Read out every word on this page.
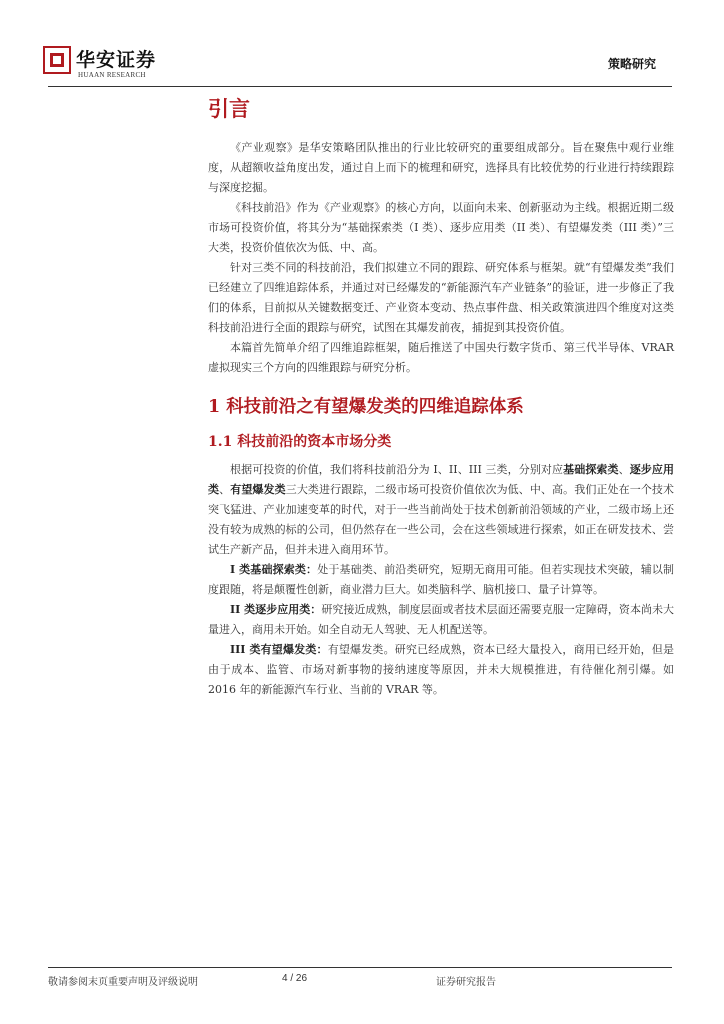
华安证券
HUAAN RESEARCH
策略研究
引言

《产业观察》是华安策略团队推出的行业比较研究的重要组成部分。旨在聚焦中观行业维度，从超额收益角度出发，通过自上而下的梳理和研究，选择具有比较优势的行业进行持续跟踪与深度挖掘。

《科技前沿》作为《产业观察》的核心方向，以面向未来、创新驱动为主线。根据近期二级市场可投资价值，将其分为“基础探索类（I 类）、逐步应用类（II 类）、有望爆发类（III 类）”三大类，投资价值依次为低、中、高。

针对三类不同的科技前沿，我们拟建立不同的跟踪、研究体系与框架。就“有望爆发类”我们已经建立了四维追踪体系，并通过对已经爆发的“新能源汽车产业链条”的验证，进一步修正了我们的体系，目前拟从关键数据变迁、产业资本变动、热点事件盘、相关政策演进四个维度对这类科技前沿进行全面的跟踪与研究，试图在其爆发前夜，捕捉到其投资价值。

本篇首先简单介绍了四维追踪框架，随后推送了中国央行数字货币、第三代半导体、VRAR 虚拟现实三个方向的四维跟踪与研究分析。

1 科技前沿之有望爆发类的四维追踪体系
1.1 科技前沿的资本市场分类

根据可投资的价值，我们将科技前沿分为 I、II、III 三类，分别对应基础探索类、逐步应用类、有望爆发类三大类进行跟踪，二级市场可投资价值依次为低、中、高。我们正处在一个技术突飞猛进、产业加速变革的时代，对于一些当前尚处于技术创新前沿领域的产业，二级市场上还没有较为成熟的标的公司，但仍然存在一些公司，会在这些领域进行探索，如正在研发技术、尝试生产新产品，但并未进入商用环节。

I 类基础探索类：处于基础类、前沿类研究，短期无商用可能。但若实现技术突破，辅以制度跟随，将是颠覆性创新，商业潜力巨大。如类脑科学、脑机接口、量子计算等。

II 类逐步应用类：研究接近成熟，制度层面或者技术层面还需要克服一定障碍，资本尚未大量进入，商用未开始。如全自动无人驾驶、无人机配送等。

III 类有望爆发类：有望爆发类。研究已经成熟，资本已经大量投入，商用已经开始，但是由于成本、监管、市场对新事物的接纳速度等原因，并未大规模推进，有待催化剂引爆。如 2016 年的新能源汽车行业、当前的 VRAR 等。

敬请参阅末页重要声明及评级说明	4 / 26	证券研究报告
